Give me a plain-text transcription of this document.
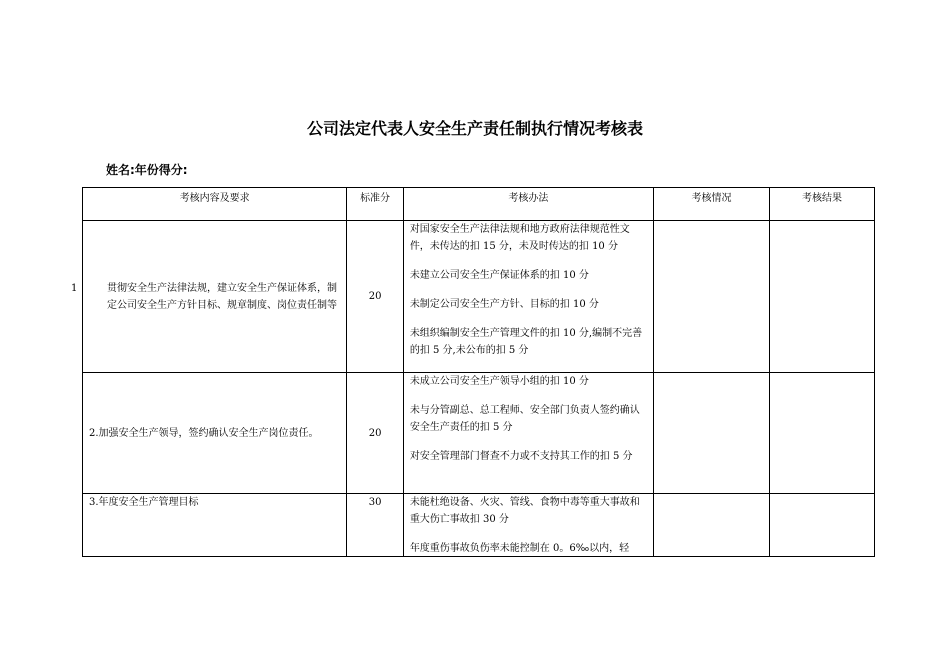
公司法定代表人安全生产责任制执行情况考核表
姓名:年份得分:
考核内容及要求	标准分	考核办法	考核情况	考核结果

1 贯彻安全生产法律法规，建立安全生产保证体系，制定公司安全生产方针目标、规章制度、岗位责任制等	20	对国家安全生产法律法规和地方政府法律规范性文件，未传达的扣 15 分，未及时传达的扣 10 分

未建立公司安全生产保证体系的扣 10 分

未制定公司安全生产方针、目标的扣 10 分

未组织编制安全生产管理文件的扣 10 分,编制不完善的扣 5 分,未公布的扣 5 分		

2.加强安全生产领导，签约确认安全生产岗位责任。	20	未成立公司安全生产领导小组的扣 10 分

未与分管副总、总工程师、安全部门负责人签约确认安全生产责任的扣 5 分

对安全管理部门督查不力或不支持其工作的扣 5 分		

3.年度安全生产管理目标	30	未能杜绝设备、火灾、管线、食物中毒等重大事故和重大伤亡事故扣 30 分

年度重伤事故负伤率未能控制在 0。6‰以内，轻		
